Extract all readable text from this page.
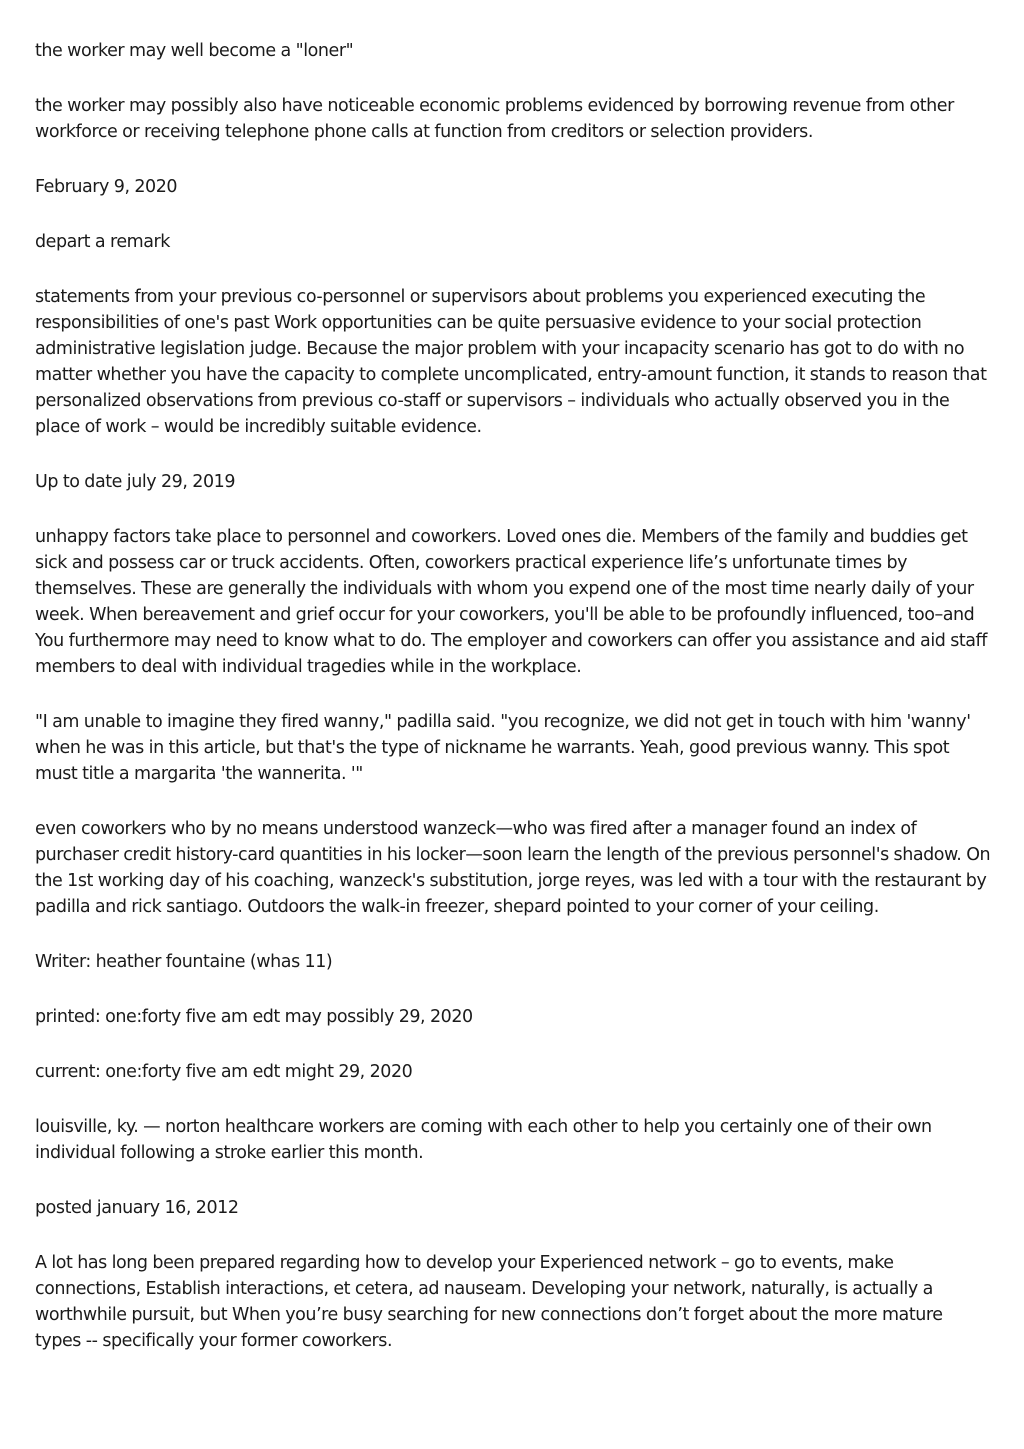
the worker may well become a "loner"

the worker may possibly also have noticeable economic problems evidenced by borrowing revenue from other workforce or receiving telephone phone calls at function from creditors or selection providers.

February 9, 2020

depart a remark

statements from your previous co-personnel or supervisors about problems you experienced executing the responsibilities of one's past Work opportunities can be quite persuasive evidence to your social protection administrative legislation judge. Because the major problem with your incapacity scenario has got to do with no matter whether you have the capacity to complete uncomplicated, entry-amount function, it stands to reason that personalized observations from previous co-staff or supervisors – individuals who actually observed you in the place of work – would be incredibly suitable evidence.

Up to date july 29, 2019

unhappy factors take place to personnel and coworkers. Loved ones die. Members of the family and buddies get sick and possess car or truck accidents. Often, coworkers practical experience life’s unfortunate times by themselves. These are generally the individuals with whom you expend one of the most time nearly daily of your week. When bereavement and grief occur for your coworkers, you'll be able to be profoundly influenced, too–and You furthermore may need to know what to do. The employer and coworkers can offer you assistance and aid staff members to deal with individual tragedies while in the workplace.

"I am unable to imagine they fired wanny," padilla said. "you recognize, we did not get in touch with him 'wanny' when he was in this article, but that's the type of nickname he warrants. Yeah, good previous wanny. This spot must title a margarita 'the wannerita. '"

even coworkers who by no means understood wanzeck—who was fired after a manager found an index of purchaser credit history-card quantities in his locker—soon learn the length of the previous personnel's shadow. On the 1st working day of his coaching, wanzeck's substitution, jorge reyes, was led with a tour with the restaurant by padilla and rick santiago. Outdoors the walk-in freezer, shepard pointed to your corner of your ceiling.

Writer: heather fountaine (whas 11)

printed: one:forty five am edt may possibly 29, 2020

current: one:forty five am edt might 29, 2020

louisville, ky. — norton healthcare workers are coming with each other to help you certainly one of their own individual following a stroke earlier this month.

posted january 16, 2012

A lot has long been prepared regarding how to develop your Experienced network – go to events, make connections, Establish interactions, et cetera, ad nauseam. Developing your network, naturally, is actually a worthwhile pursuit, but When you’re busy searching for new connections don’t forget about the more mature types -- specifically your former coworkers.
